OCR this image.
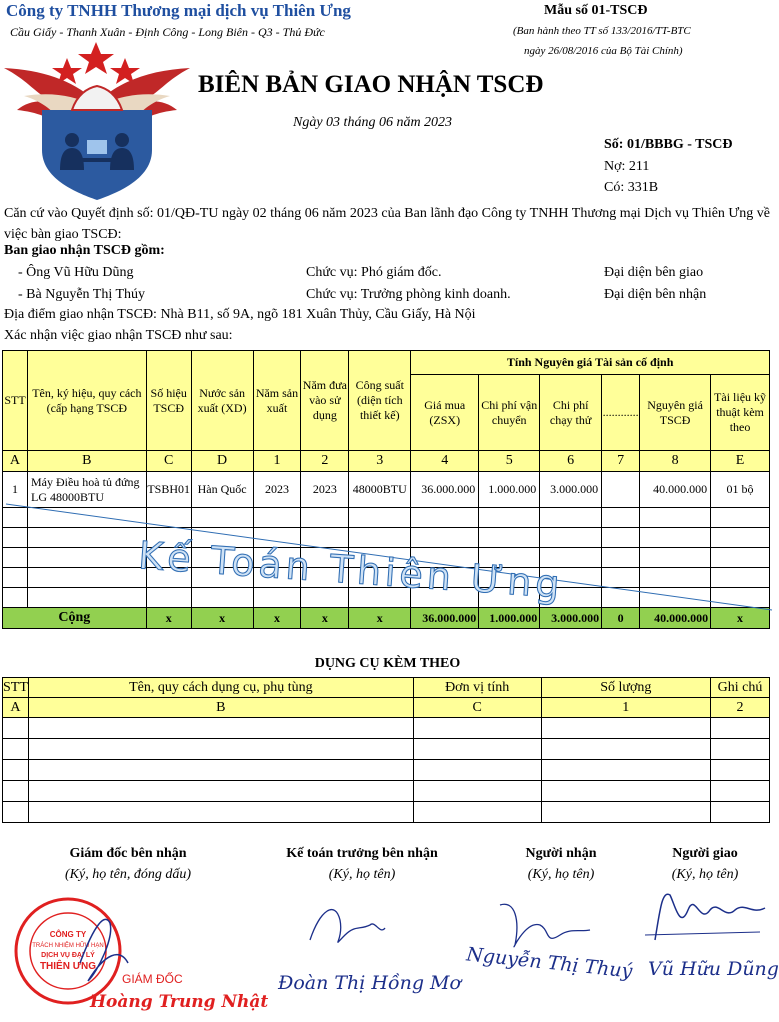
Công ty TNHH Thương mại dịch vụ Thiên Ưng
Cầu Giấy - Thanh Xuân - Định Công - Long Biên - Q3 - Thủ Đức
Mẫu số 01-TSCĐ
(Ban hành theo TT số 133/2016/TT-BTC
ngày 26/08/2016 của Bộ Tài Chính)
BIÊN BẢN GIAO NHẬN TSCĐ
Ngày 03 tháng 06 năm 2023
Số: 01/BBBG - TSCĐ
Nợ: 211
Có: 331B
Căn cứ vào Quyết định số: 01/QĐ-TU ngày 02 tháng 06 năm 2023 của Ban lãnh đạo Công ty TNHH Thương mại Dịch vụ Thiên Ưng về việc bàn giao TSCĐ:
Ban giao nhận TSCĐ gồm:
- Ông Vũ Hữu Dũng	Chức vụ: Phó giám đốc.	Đại diện bên giao
- Bà Nguyễn Thị Thúy	Chức vụ: Trưởng phòng kinh doanh.	Đại diện bên nhận
Địa điểm giao nhận TSCĐ: Nhà B11, số 9A, ngõ 181 Xuân Thủy, Cầu Giấy, Hà Nội
Xác nhận việc giao nhận TSCĐ như sau:
STT	Tên, ký hiệu, quy cách (cấp hạng TSCĐ	Số hiệu TSCĐ	Nước sản xuất (XD)	Năm sản xuất	Năm đưa vào sử dụng	Công suất (diện tích thiết kế)	Tính Nguyên giá Tài sản cố định					
							Giá mua (ZSX)	Chi phí vận chuyển	Chi phí chạy thử	............	Nguyên giá TSCĐ	Tài liệu kỹ thuật kèm theo
A	B	C	D	1	2	3	4	5	6	7	8	E
1	Máy Điều hoà tủ đứng LG 48000BTU	TSBH01	Hàn Quốc	2023	2023	48000BTU	36.000.000	1.000.000	3.000.000		40.000.000	01 bộ

Cộng		x	x	x	x	x	36.000.000	1.000.000	3.000.000	0	40.000.000	x
Kế Toán Thiên Ưng
DỤNG CỤ KÈM THEO
STT	Tên, quy cách dụng cụ, phụ tùng	Đơn vị tính	Số lượng	Ghi chú
A	B	C	1	2

Giám đốc bên nhận
(Ký, họ tên, đóng dấu)
Kế toán trưởng bên nhận
(Ký, họ tên)
Người nhận
(Ký, họ tên)
Người giao
(Ký, họ tên)
CÔNG TY
TRÁCH NHIỆM HỮU HẠN
DỊCH VỤ ĐẠI LÝ
THIÊN ƯNG
GIÁM ĐỐC
Hoàng Trung Nhật
Đoàn Thị Hồng Mơ
Nguyễn Thị Thuý Vũ Hữu Dũng
